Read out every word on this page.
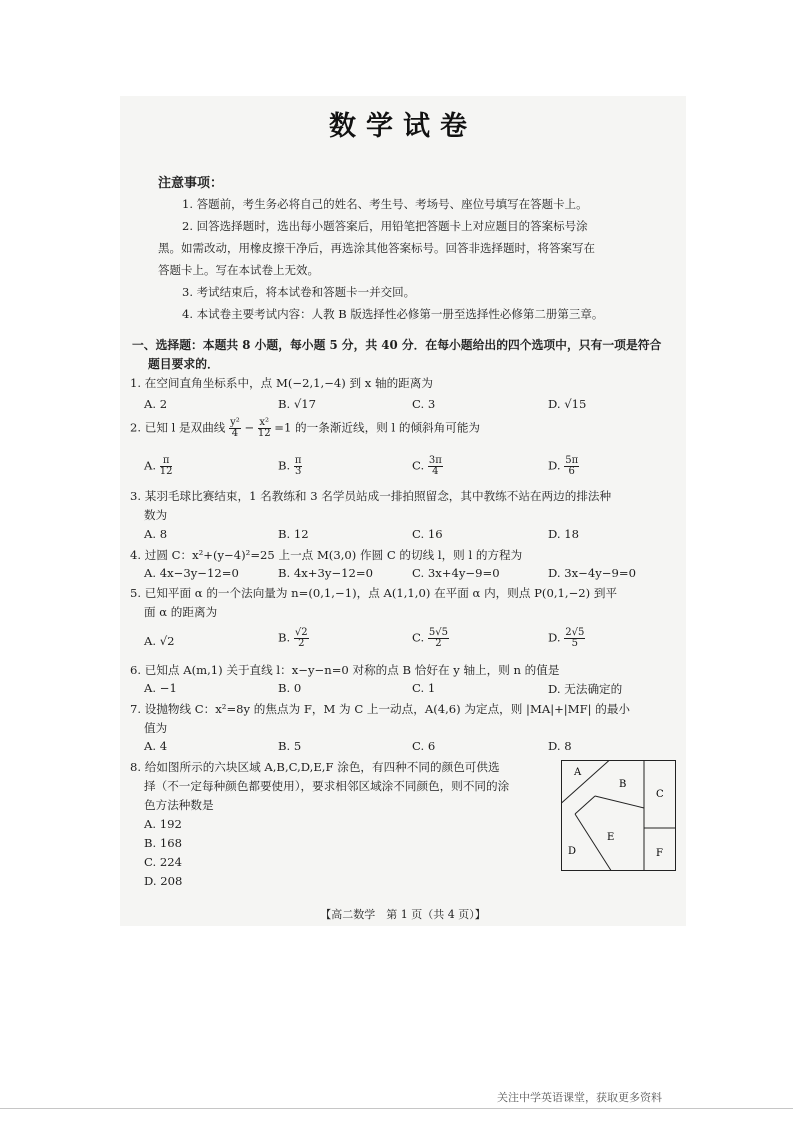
数学试卷
注意事项：
1. 答题前，考生务必将自己的姓名、考生号、考场号、座位号填写在答题卡上。
2. 回答选择题时，选出每小题答案后，用铅笔把答题卡上对应题目的答案标号涂
黑。如需改动，用橡皮擦干净后，再选涂其他答案标号。回答非选择题时，将答案写在
答题卡上。写在本试卷上无效。
3. 考试结束后，将本试卷和答题卡一并交回。
4. 本试卷主要考试内容：人教 B 版选择性必修第一册至选择性必修第二册第三章。
一、选择题：本题共 8 小题，每小题 5 分，共 40 分．在每小题给出的四个选项中，只有一项是符合
题目要求的．
1. 在空间直角坐标系中，点 M(−2,1,−4) 到 x 轴的距离为
A. 2	B. √17	C. 3	D. √15
2. 已知 l 是双曲线 $\frac{\text{y²}}{4} - \frac{\text{x²}}{12} =1$ 的一条渐近线，则 l 的倾斜角可能为
A. $\frac{\pi}{12}$	B. $\frac{\pi}{3}$	C. $\frac{3\pi}{4}$	D. $\frac{5\pi}{6}$
3. 某羽毛球比赛结束，1 名教练和 3 名学员站成一排拍照留念，其中教练不站在两边的排法种
数为
A. 8	B. 12	C. 16	D. 18
4. 过圆 C：x²+(y−4)²=25 上一点 M(3,0) 作圆 C 的切线 l，则 l 的方程为
A. 4x−3y−12=0	B. 4x+3y−12=0	C. 3x+4y−9=0	D. 3x−4y−9=0
5. 已知平面 α 的一个法向量为 n=(0,1,−1)，点 A(1,1,0) 在平面 α 内，则点 P(0,1,−2) 到平
面 α 的距离为
A. √2	B. $\frac{√2}{2}$	C. $\frac{5√5}{2}$	D. $\frac{2√5}{5}$
6. 已知点 A(m,1) 关于直线 l：x−y−n=0 对称的点 B 恰好在 y 轴上，则 n 的值是
A. −1	B. 0	C. 1	D. 无法确定的
7. 设抛物线 C：x²=8y 的焦点为 F，M 为 C 上一动点，A(4,6) 为定点，则 |MA|+|MF| 的最小
值为
A. 4	B. 5	C. 6	D. 8
8. 给如图所示的六块区域 A,B,C,D,E,F 涂色，有四种不同的颜色可供选
择（不一定每种颜色都要使用），要求相邻区域涂不同颜色，则不同的涂
色方法种数是
A. 192
B. 168
C. 224
D. 208
A
B
C
D
E
F
【高二数学　第 1 页（共 4 页）】
关注中学英语课堂，获取更多资料
